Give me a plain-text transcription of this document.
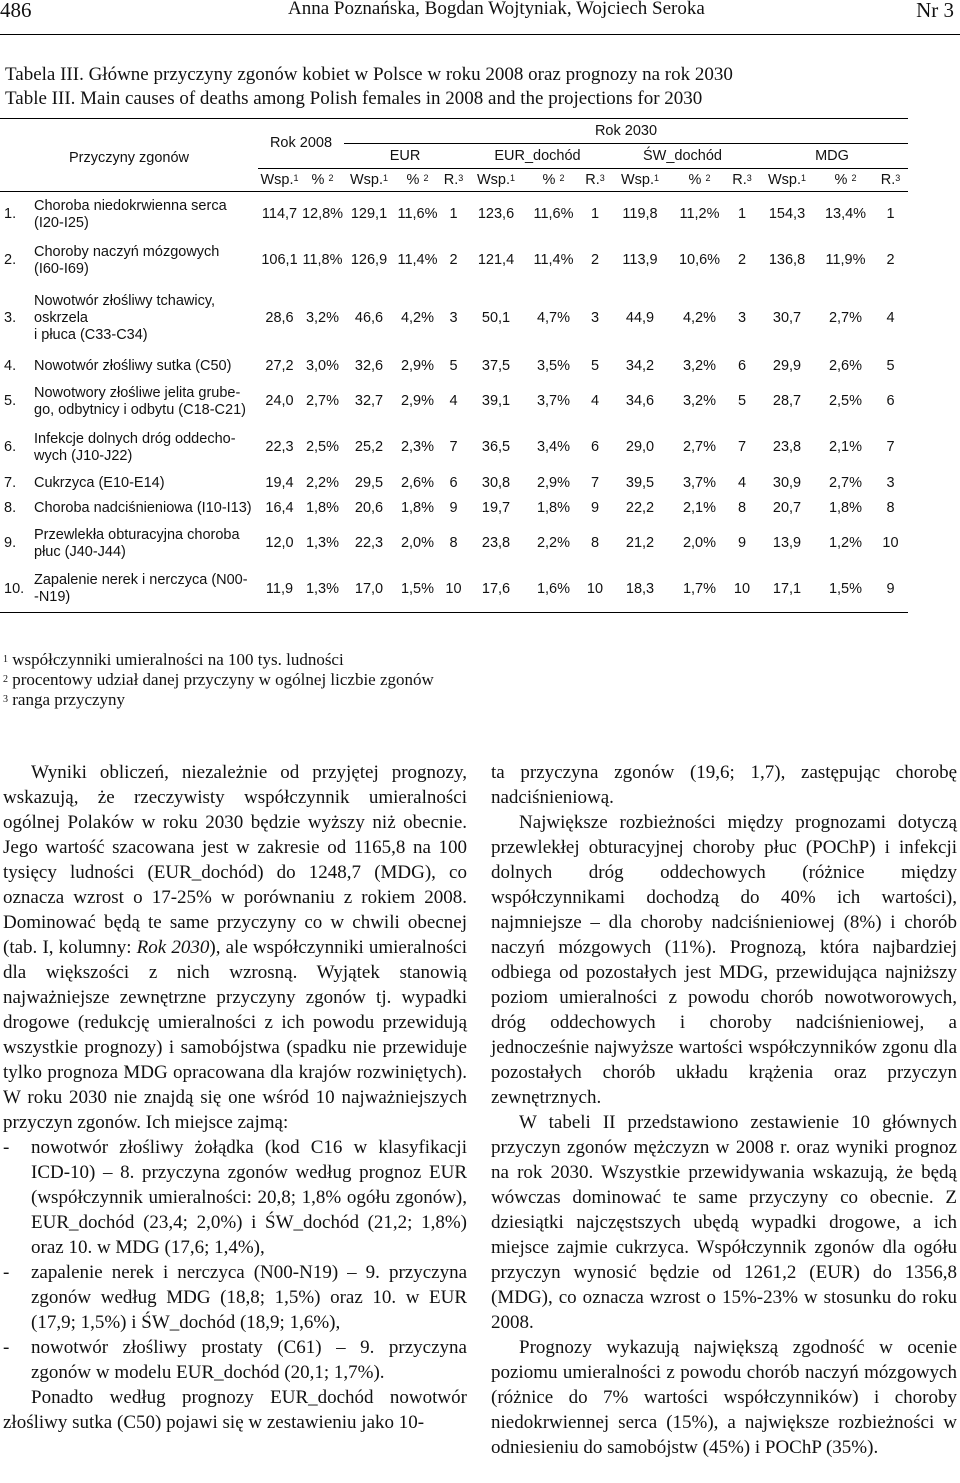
486	Anna Poznańska, Bogdan Wojtyniak, Wojciech Seroka	Nr 3
Tabela III. Główne przyczyny zgonów kobiet w Polsce w roku 2008 oraz prognozy na rok 2030
Table III. Main causes of deaths among Polish females in 2008 and the projections for 2030
Przyczyny zgonów		Rok 2008		Rok 2030											
				EUR			EUR_dochód			ŚW_dochód			MDG		
		Wsp.$^1$	% $^2$	Wsp.$^1$	% $^2$	R.$^3$	Wsp.$^1$	% $^2$	R.$^3$	Wsp.$^1$	% $^2$	R.$^3$	Wsp.$^1$	% $^2$	R.$^3$
1.	Choroba niedokrwienna serca
(I20-I25)	114,7	12,8%	129,1	11,6%	1	123,6	11,6%	1	119,8	11,2%	1	154,3	13,4%	1
2.	Choroby naczyń mózgowych
(I60-I69)	106,1	11,8%	126,9	11,4%	2	121,4	11,4%	2	113,9	10,6%	2	136,8	11,9%	2
3.	Nowotwór złośliwy tchawicy,
oskrzela
i płuca (C33-C34)	28,6	3,2%	46,6	4,2%	3	50,1	4,7%	3	44,9	4,2%	3	30,7	2,7%	4
4.	Nowotwór złośliwy sutka (C50)	27,2	3,0%	32,6	2,9%	5	37,5	3,5%	5	34,2	3,2%	6	29,9	2,6%	5
5.	Nowotwory złośliwe jelita grube-
go, odbytnicy i odbytu (C18-C21)	24,0	2,7%	32,7	2,9%	4	39,1	3,7%	4	34,6	3,2%	5	28,7	2,5%	6
6.	Infekcje dolnych dróg oddecho-
wych (J10-J22)	22,3	2,5%	25,2	2,3%	7	36,5	3,4%	6	29,0	2,7%	7	23,8	2,1%	7
7.	Cukrzyca (E10-E14)	19,4	2,2%	29,5	2,6%	6	30,8	2,9%	7	39,5	3,7%	4	30,9	2,7%	3
8.	Choroba nadciśnieniowa (I10-I13)	16,4	1,8%	20,6	1,8%	9	19,7	1,8%	9	22,2	2,1%	8	20,7	1,8%	8
9.	Przewlekła obturacyjna choroba
płuc (J40-J44)	12,0	1,3%	22,3	2,0%	8	23,8	2,2%	8	21,2	2,0%	9	13,9	1,2%	10
10.	Zapalenie nerek i nerczyca (N00-
-N19)	11,9	1,3%	17,0	1,5%	10	17,6	1,6%	10	18,3	1,7%	10	17,1	1,5%	9
$^1$ współczynniki umieralności na 100 tys. ludności
$^2$ procentowy udział danej przyczyny w ogólnej liczbie zgonów
$^3$ ranga przyczyny

Wyniki obliczeń, niezależnie od przyjętej prognozy, wskazują, że rzeczywisty współczynnik umieralności ogólnej Polaków w roku 2030 będzie wyższy niż obecnie. Jego wartość szacowana jest w zakresie od 1165,8 na 100 tysięcy ludności (EUR_dochód) do 1248,7 (MDG), co oznacza wzrost o 17-25% w porównaniu z rokiem 2008. Dominować będą te same przyczyny co w chwili obecnej (tab. I, kolumny: Rok 2030), ale współczynniki umieralności dla większości z nich wzrosną. Wyjątek stanowią najważniejsze zewnętrzne przyczyny zgonów tj. wypadki drogowe (redukcję umieralności z ich powodu przewidują wszystkie prognozy) i samobójstwa (spadku nie przewiduje tylko prognoza MDG opracowana dla krajów rozwiniętych). W roku 2030 nie znajdą się one wśród 10 najważniejszych przyczyn zgonów. Ich miejsce zajmą:

-	nowotwór złośliwy żołądka (kod C16 w klasyfikacji ICD-10) – 8. przyczyna zgonów według prognoz EUR (współczynnik umieralności: 20,8; 1,8% ogółu zgonów), EUR_dochód (23,4; 2,0%) i ŚW_dochód (21,2; 1,8%) oraz 10. w MDG (17,6; 1,4%),
-	zapalenie nerek i nerczyca (N00-N19) – 9. przyczyna zgonów według MDG (18,8; 1,5%) oraz 10. w EUR (17,9; 1,5%) i ŚW_dochód (18,9; 1,6%),
-	nowotwór złośliwy prostaty (C61) – 9. przyczyna zgonów w modelu EUR_dochód (20,1; 1,7%).

Ponadto według prognozy EUR_dochód nowotwór złośliwy sutka (C50) pojawi się w zestawieniu jako 10-

ta przyczyna zgonów (19,6; 1,7), zastępując chorobę nadciśnieniową.

Największe rozbieżności między prognozami dotyczą przewlekłej obturacyjnej choroby płuc (POChP) i infekcji dolnych dróg oddechowych (różnice między współczynnikami dochodzą do 40% ich wartości), najmniejsze – dla choroby nadciśnieniowej (8%) i chorób naczyń mózgowych (11%). Prognozą, która najbardziej odbiega od pozostałych jest MDG, przewidująca najniższy poziom umieralności z powodu chorób nowotworowych, dróg oddechowych i choroby nadciśnieniowej, a jednocześnie najwyższe wartości współczynników zgonu dla pozostałych chorób układu krążenia oraz przyczyn zewnętrznych.

W tabeli II przedstawiono zestawienie 10 głównych przyczyn zgonów mężczyzn w 2008 r. oraz wyniki prognoz na rok 2030. Wszystkie przewidywania wskazują, że będą wówczas dominować te same przyczyny co obecnie. Z dziesiątki najczęstszych ubędą wypadki drogowe, a ich miejsce zajmie cukrzyca. Współczynnik zgonów dla ogółu przyczyn wynosić będzie od 1261,2 (EUR) do 1356,8 (MDG), co oznacza wzrost o 15%-23% w stosunku do roku 2008.

Prognozy wykazują największą zgodność w ocenie poziomu umieralności z powodu chorób naczyń mózgowych (różnice do 7% wartości współczynników) i choroby niedokrwiennej serca (15%), a największe rozbieżności w odniesieniu do samobójstw (45%) i POChP (35%).
